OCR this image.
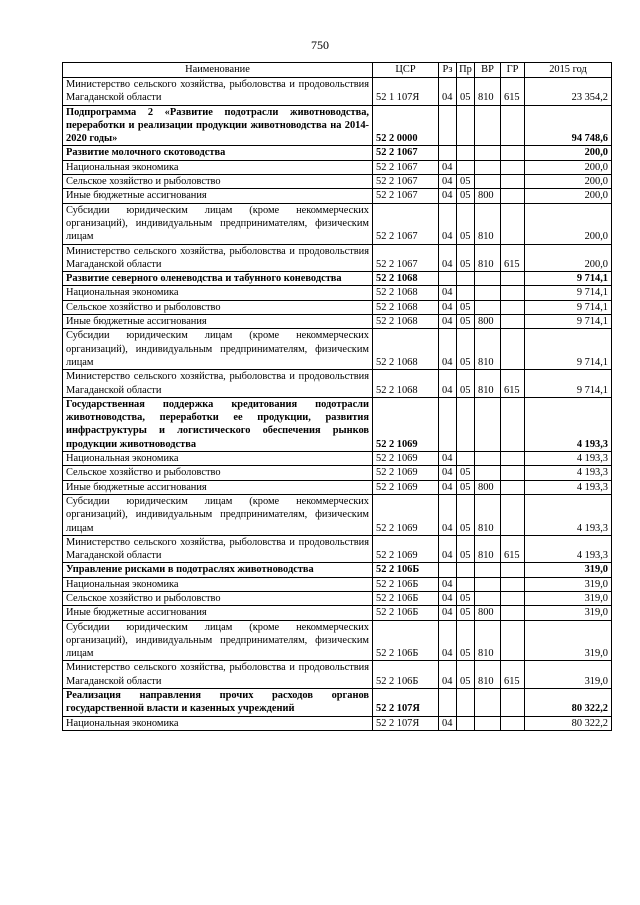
750
Наименование	ЦСР	Рз	Пр	ВР	ГР	2015 год
Министерство сельского хозяйства, рыболовства и продовольствия Магаданской области	52 1 107Я	04	05	810	615	23 354,2
Подпрограмма 2 «Развитие подотрасли животноводства, переработки и реализации продукции животноводства на 2014-2020 годы»	52 2 0000					94 748,6
Развитие молочного скотоводства	52 2 1067					200,0
Национальная экономика	52 2 1067	04				200,0
Сельское хозяйство и рыболовство	52 2 1067	04	05			200,0
Иные бюджетные ассигнования	52 2 1067	04	05	800		200,0
Субсидии юридическим лицам (кроме некоммерческих организаций), индивидуальным предпринимателям, физическим лицам	52 2 1067	04	05	810		200,0
Министерство сельского хозяйства, рыболовства и продовольствия Магаданской области	52 2 1067	04	05	810	615	200,0
Развитие северного оленеводства и табунного коневодства	52 2 1068					9 714,1
Национальная экономика	52 2 1068	04				9 714,1
Сельское хозяйство и рыболовство	52 2 1068	04	05			9 714,1
Иные бюджетные ассигнования	52 2 1068	04	05	800		9 714,1
Субсидии юридическим лицам (кроме некоммерческих организаций), индивидуальным предпринимателям, физическим лицам	52 2 1068	04	05	810		9 714,1
Министерство сельского хозяйства, рыболовства и продовольствия Магаданской области	52 2 1068	04	05	810	615	9 714,1
Государственная поддержка кредитования подотрасли животноводства, переработки ее продукции, развития инфраструктуры и логистического обеспечения рынков продукции животноводства	52 2 1069					4 193,3
Национальная экономика	52 2 1069	04				4 193,3
Сельское хозяйство и рыболовство	52 2 1069	04	05			4 193,3
Иные бюджетные ассигнования	52 2 1069	04	05	800		4 193,3
Субсидии юридическим лицам (кроме некоммерческих организаций), индивидуальным предпринимателям, физическим лицам	52 2 1069	04	05	810		4 193,3
Министерство сельского хозяйства, рыболовства и продовольствия Магаданской области	52 2 1069	04	05	810	615	4 193,3
Управление рисками в подотраслях животноводства	52 2 106Б					319,0
Национальная экономика	52 2 106Б	04				319,0
Сельское хозяйство и рыболовство	52 2 106Б	04	05			319,0
Иные бюджетные ассигнования	52 2 106Б	04	05	800		319,0
Субсидии юридическим лицам (кроме некоммерческих организаций), индивидуальным предпринимателям, физическим лицам	52 2 106Б	04	05	810		319,0
Министерство сельского хозяйства, рыболовства и продовольствия Магаданской области	52 2 106Б	04	05	810	615	319,0
Реализация направления прочих расходов органов государственной власти и казенных учреждений	52 2 107Я					80 322,2
Национальная экономика	52 2 107Я	04				80 322,2
